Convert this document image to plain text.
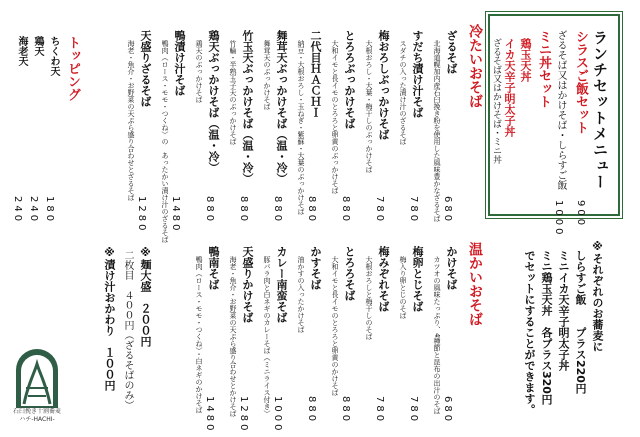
ランチセットメニュー
シラスご飯セット
ざるそば又はかけそば・しらすご飯
ミニ丼セット
鶏玉天丼
イカ天辛子明太子丼
ざるそば又はかけそば・ミニ丼
900
1000
※それぞれのお蕎麦に
しらすご飯　　プラス220円
ミニイカ天辛子明太子丼
ミニ鶏玉天丼　各プラス320円
でセットにすることができます。
冷たいおそば
ざるそば
北海道幌加内産石臼挽き粉を使用した風味豊かなざるそば 680
すだち漬け汁そば
スダチの入った漬け汁のざるそば
780
梅おろしぶっかけそば
大根おろし・大葉・梅干しのぶっかけそば
780
とろろぶっかけそば
大和イモと長イモのとろろと卵黄のぶっかけそば
880
二代目ＨＡＣＨＩ
納豆・大根おろし・玉ねぎ・紫蘇・大葉のぶっかけそば 880
舞茸天ぶっかけそば（温・冷）
舞茸天のぶっかけそば
880
竹玉天ぶっかけそば（温・冷）
竹輪・半熟玉子天のぶっかけそば
880
鶏天ぶっかけそば（温・冷）
鶏天のぶっかけそば
880
鴨漬け汁そば
鴨肉（ロース・モモ・つくね）の　あったかい漬け汁のざるそば 1480
天盛りざるそば
海老・魚介・お野菜の天ぷら盛り合わせとざるそば
1280
トッピング
ちくわ天
180
鶏天
240
海老天
240
温かいおそば
かけそば
カツオの風味たっぷり、4種節と昆布の出汁のそば 680
梅卵とじそば
梅入り卵とじのそば
780
梅みぞれそば
大根おろしと梅干しのそば
780
とろろそば
大和イモと長イモのとろろと卵黄のかけそば
880
かすそば
油かすの入ったかけそば
880
カレー南蛮そば
豚バラ肉と白ネギのカレーそば（ミニライス付き） 1000
天盛りかけそば
海老・魚介・お野菜の天ぷら盛り合わせとかけそば 1280
鴨南そば
鴨肉（ロース・モモ・つくね）・白ネギのかけそば
1480
※麺大盛　２００円
二枚目　４００円（ざるそばのみ）
※漬け汁おかわり　１００円
石臼挽き十割蕎麦
ハチ-HACHI-
